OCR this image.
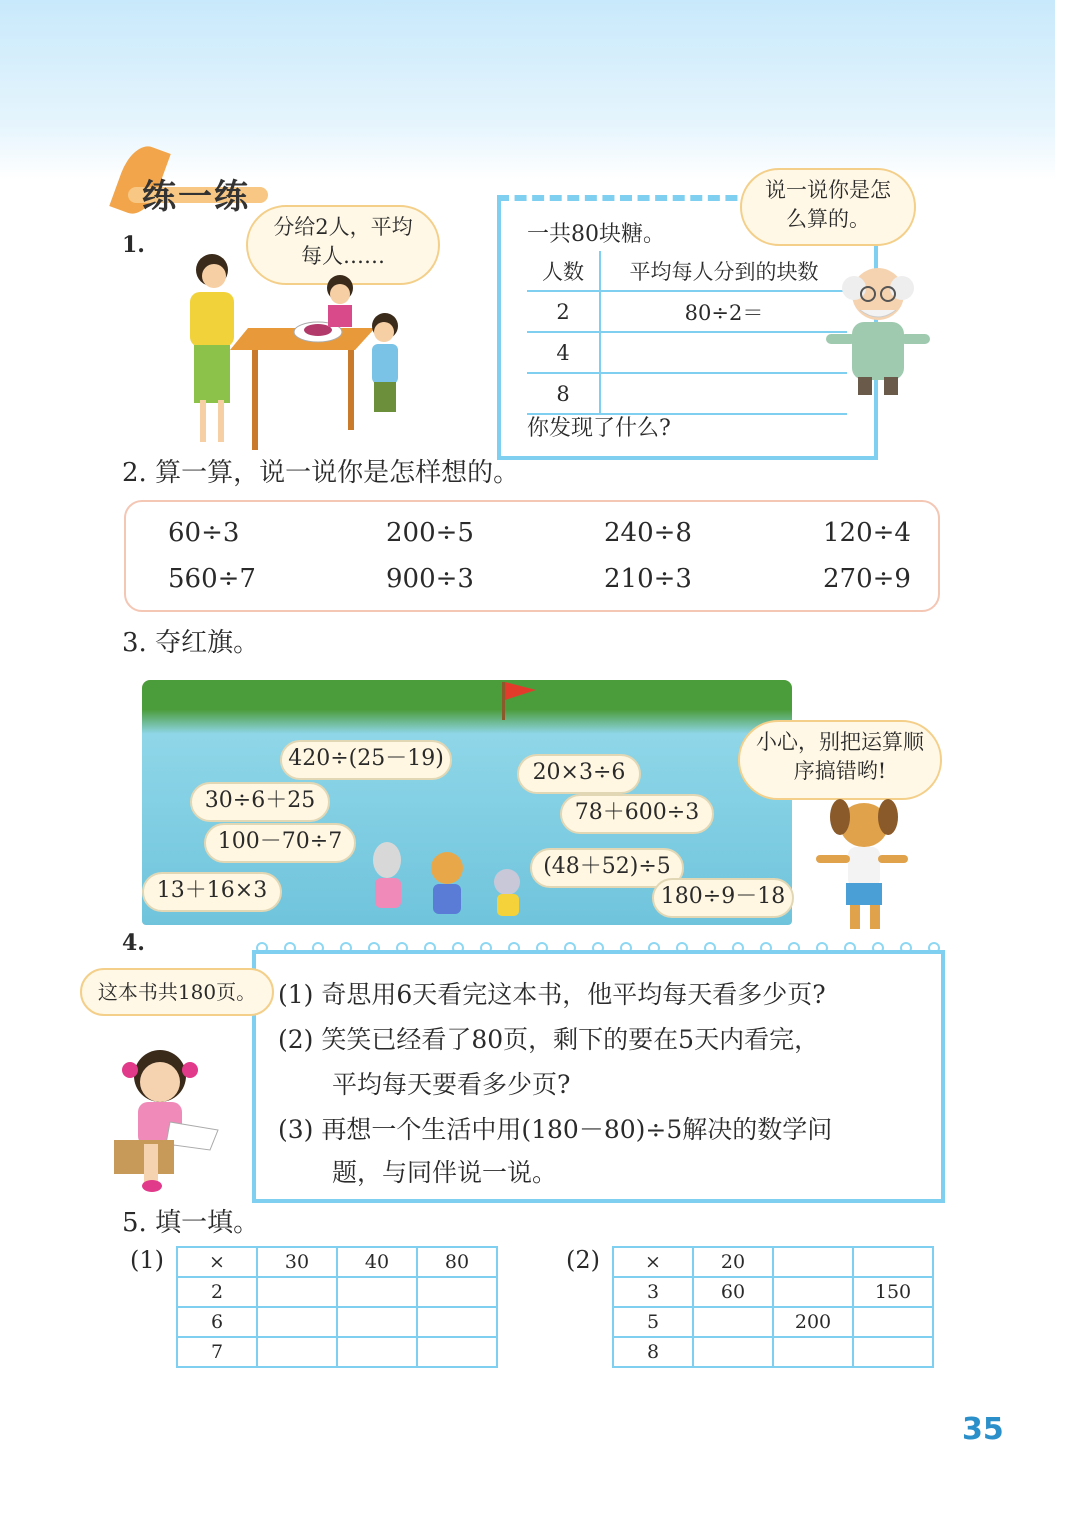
练一练
1.
分给2人，平均每人……
一共80块糖。
人数	平均每人分到的块数
2	80÷2＝
4	
8	
你发现了什么?
说一说你是怎么算的。
2. 算一算，说一说你是怎样想的。
60÷3	200÷5	240÷8	120÷4
560÷7	900÷3	210÷3	270÷9
3. 夺红旗。
420÷(25－19)
20×3÷6
30÷6＋25	78＋600÷3
100－70÷7
(48＋52)÷5
13＋16×3	180÷9－18
小心，别把运算顺序搞错哟!
4.
(1) 奇思用6天看完这本书，他平均每天看多少页?
(2) 笑笑已经看了80页，剩下的要在5天内看完，
平均每天要看多少页?
(3) 再想一个生活中用(180－80)÷5解决的数学问
题，与同伴说一说。
这本书共180页。
5. 填一填。
(1) ×	30	40	80
2			
6			
7			
(2) ×	20		
3	60		150
5		200	
8			
35
